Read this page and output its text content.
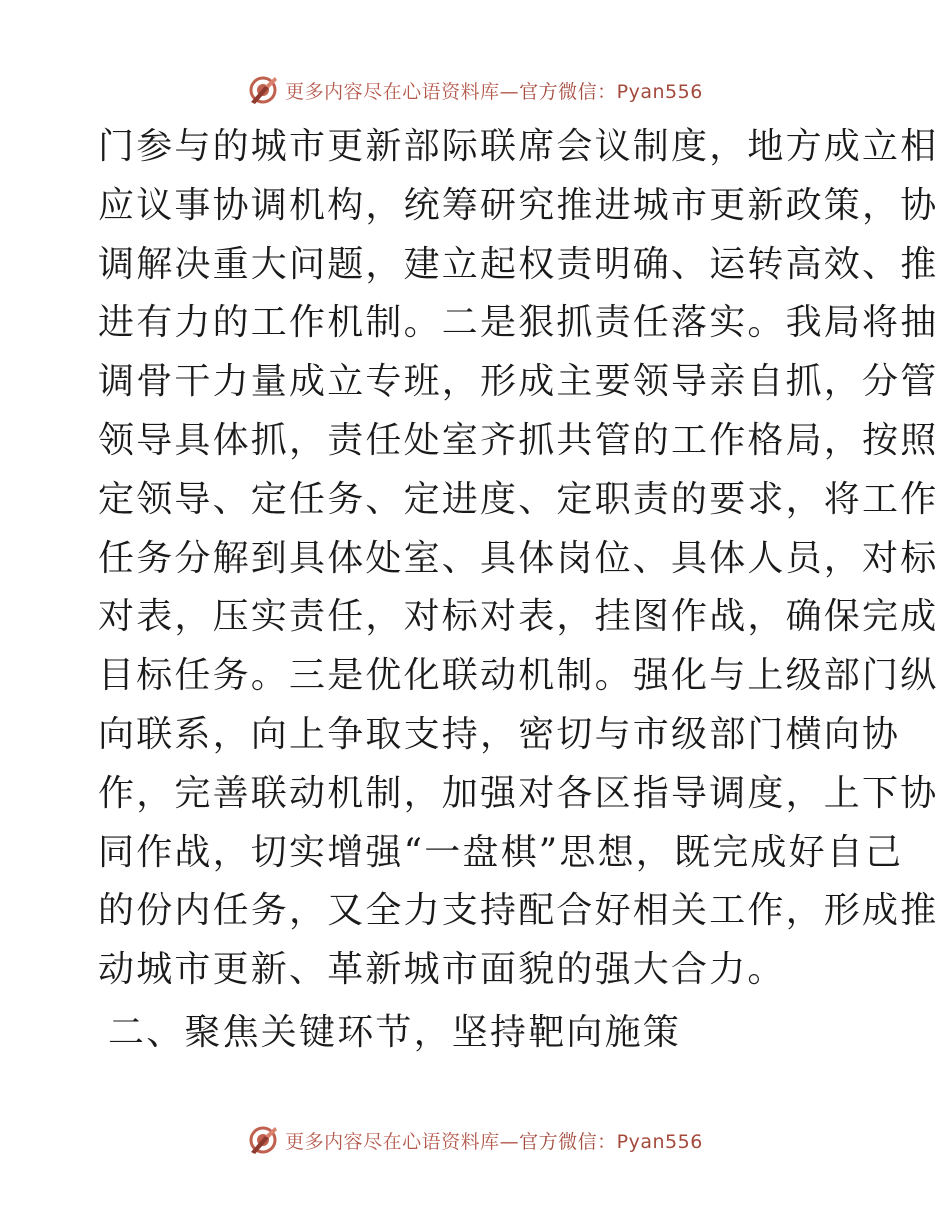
更多内容尽在心语资料库—官方微信：Pyan556
门参与的城市更新部际联席会议制度，地方成立相
应议事协调机构，统筹研究推进城市更新政策，协
调解决重大问题，建立起权责明确、运转高效、推
进有力的工作机制。二是狠抓责任落实。我局将抽
调骨干力量成立专班，形成主要领导亲自抓，分管
领导具体抓，责任处室齐抓共管的工作格局，按照
定领导、定任务、定进度、定职责的要求，将工作
任务分解到具体处室、具体岗位、具体人员，对标
对表，压实责任，对标对表，挂图作战，确保完成
目标任务。三是优化联动机制。强化与上级部门纵
向联系，向上争取支持，密切与市级部门横向协
作，完善联动机制，加强对各区指导调度，上下协
同作战，切实增强“一盘棋”思想，既完成好自己
的份内任务，又全力支持配合好相关工作，形成推
动城市更新、革新城市面貌的强大合力。
二、聚焦关键环节，坚持靶向施策
更多内容尽在心语资料库—官方微信：Pyan556
